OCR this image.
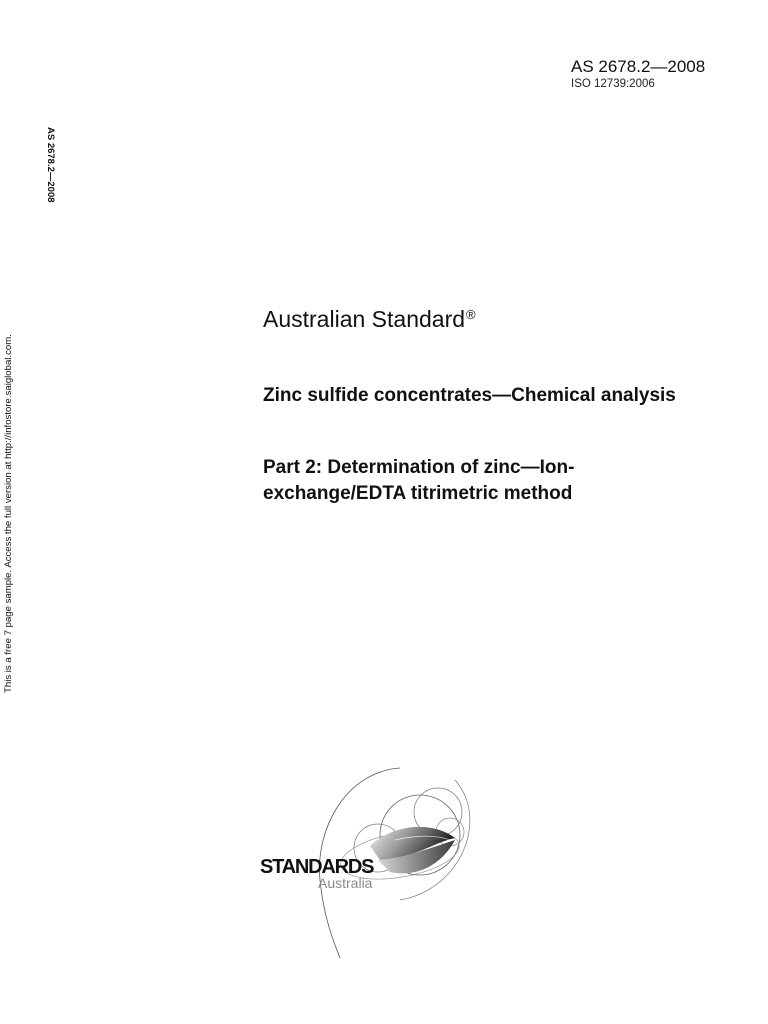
AS 2678.2—2008
ISO 12739:2006
AS 2678.2—2008
This is a free 7 page sample. Access the full version at http://infostore.saiglobal.com.
Australian Standard®
Zinc sulfide concentrates—Chemical analysis
Part 2: Determination of zinc—Ion-exchange/EDTA titrimetric method
STANDARDS
Australia
